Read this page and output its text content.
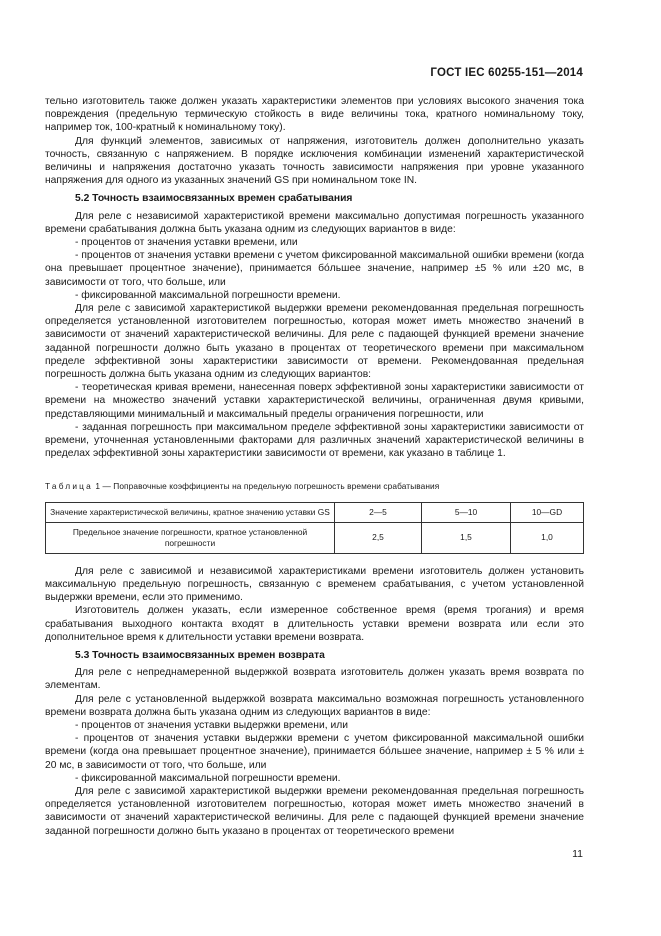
ГОСТ IEC 60255-151—2014

тельно изготовитель также должен указать характеристики элементов при условиях высокого значения тока повреждения (предельную термическую стойкость в виде величины тока, кратного номинальному току, например ток, 100-кратный к номинальному току).

Для функций элементов, зависимых от напряжения, изготовитель должен дополнительно указать точность, связанную с напряжением. В порядке исключения комбинации изменений характеристической величины и напряжения достаточно указать точность зависимости напряжения при уровне указанного напряжения для одного из указанных значений GS при номинальном токе IN.

5.2 Точность взаимосвязанных времен срабатывания

Для реле с независимой характеристикой времени максимально допустимая погрешность указанного времени срабатывания должна быть указана одним из следующих вариантов в виде:

- процентов от значения уставки времени, или

- процентов от значения уставки времени с учетом фиксированной максимальной ошибки времени (когда она превышает процентное значение), принимается бо́льшее значение, например ±5 % или ±20 мс, в зависимости от того, что больше, или

- фиксированной максимальной погрешности времени.

Для реле с зависимой характеристикой выдержки времени рекомендованная предельная погрешность определяется установленной изготовителем погрешностью, которая может иметь множество значений в зависимости от значений характеристической величины. Для реле с падающей функцией времени значение заданной погрешности должно быть указано в процентах от теоретического времени при максимальном пределе эффективной зоны характеристики зависимости от времени. Рекомендованная предельная погрешность должна быть указана одним из следующих вариантов:

- теоретическая кривая времени, нанесенная поверх эффективной зоны характеристики зависимости от времени на множество значений уставки характеристической величины, ограниченная двумя кривыми, представляющими минимальный и максимальный пределы ограничения погрешности, или

- заданная погрешность при максимальном пределе эффективной зоны характеристики зависимости от времени, уточненная установленными факторами для различных значений характеристической величины в пределах эффективной зоны характеристики зависимости от времени, как указано в таблице 1.

Таблица 1 — Поправочные коэффициенты на предельную погрешность времени срабатывания
Значение характеристической величины, кратное значению уставки GS	2—5	5—10	10—GD
Предельное значение погрешности, кратное установленной погрешности	2,5	1,5	1,0

Для реле с зависимой и независимой характеристиками времени изготовитель должен установить максимальную предельную погрешность, связанную с временем срабатывания, с учетом установленной выдержки времени, если это применимо.

Изготовитель должен указать, если измеренное собственное время (время трогания) и время срабатывания выходного контакта входят в длительность уставки времени возврата или если это дополнительное время к длительности уставки времени возврата.

5.3 Точность взаимосвязанных времен возврата

Для реле с непреднамеренной выдержкой возврата изготовитель должен указать время возврата по элементам.

Для реле с установленной выдержкой возврата максимально возможная погрешность установленного времени возврата должна быть указана одним из следующих вариантов в виде:

- процентов от значения уставки выдержки времени, или

- процентов от значения уставки выдержки времени с учетом фиксированной максимальной ошибки времени (когда она превышает процентное значение), принимается бо́льшее значение, например ± 5 % или ± 20 мс, в зависимости от того, что больше, или

- фиксированной максимальной погрешности времени.

Для реле с зависимой характеристикой выдержки времени рекомендованная предельная погрешность определяется установленной изготовителем погрешностью, которая может иметь множество значений в зависимости от значений характеристической величины. Для реле с падающей функцией времени значение заданной погрешности должно быть указано в процентах от теоретического времени

11
